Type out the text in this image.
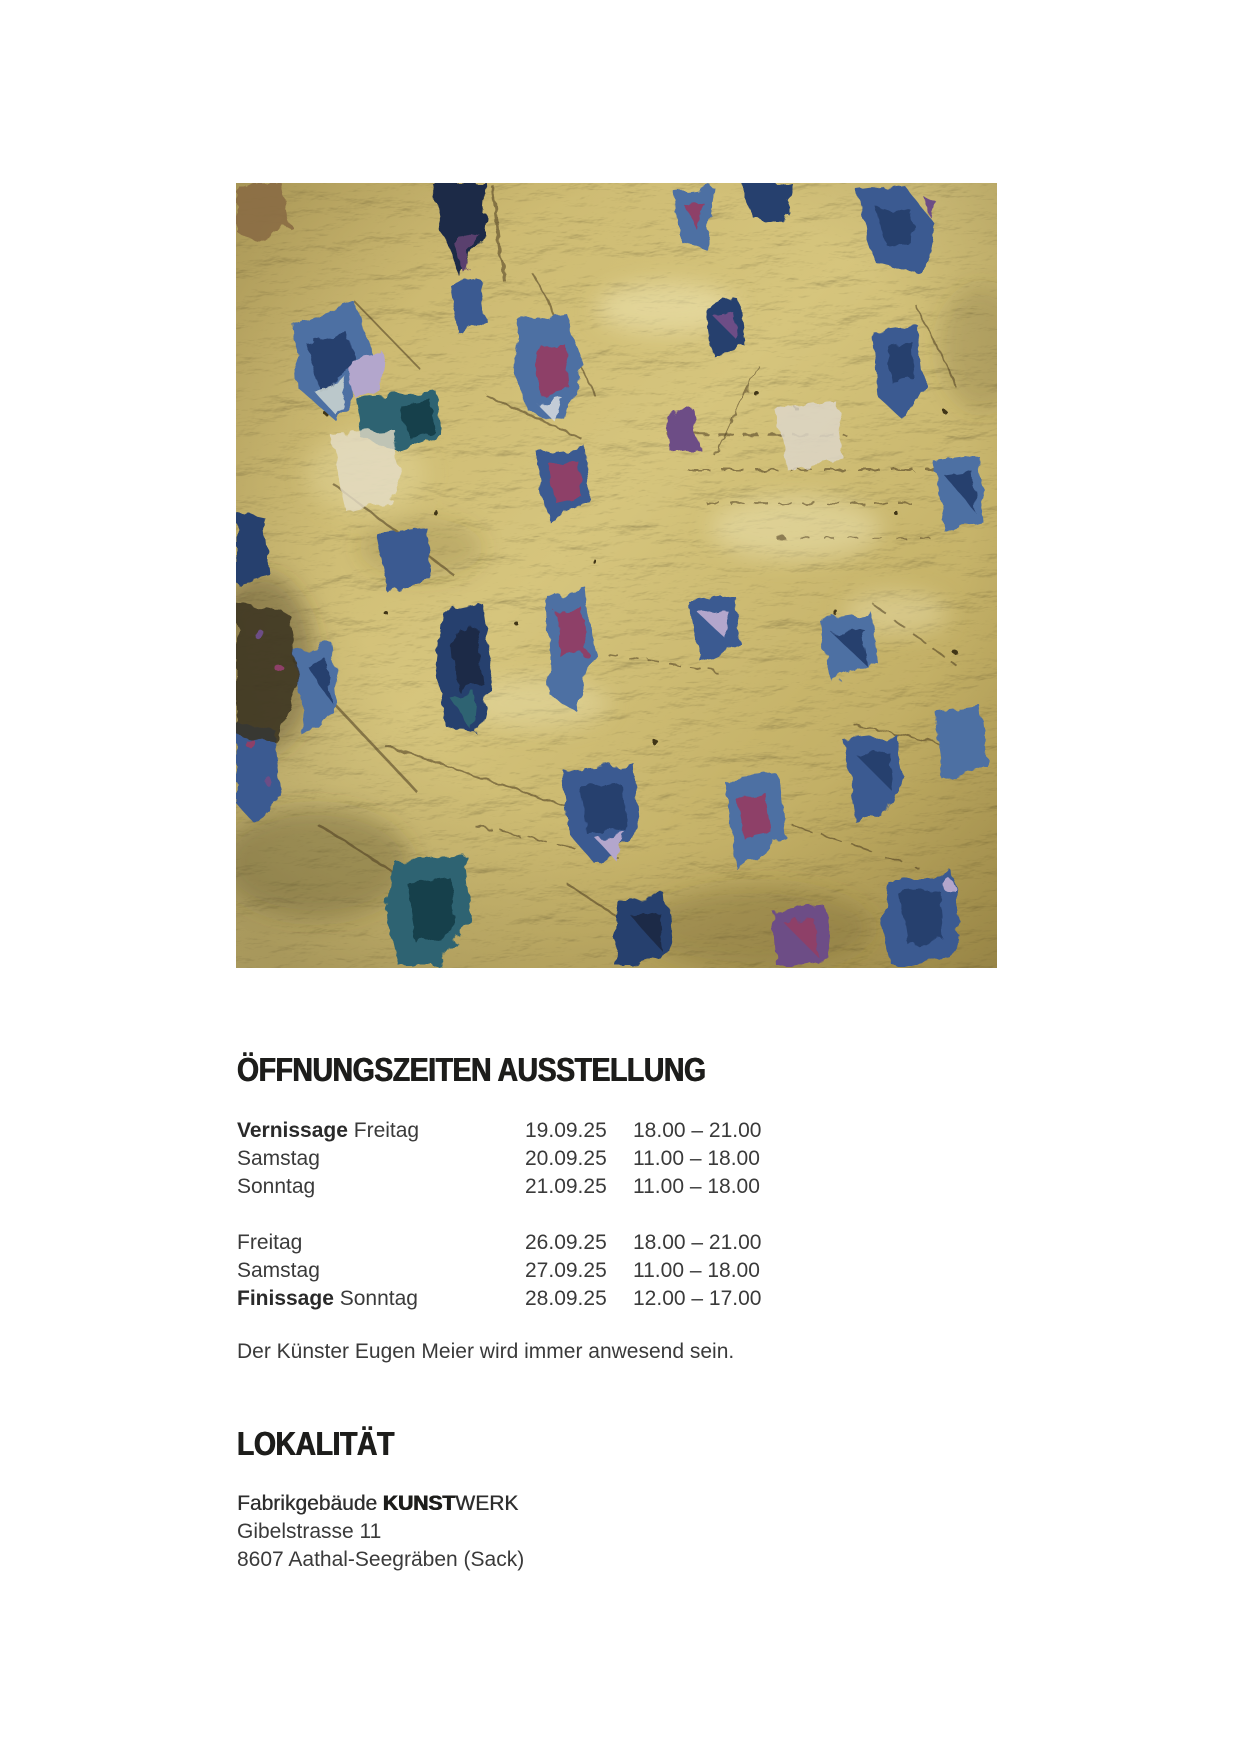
ÖFFNUNGSZEITEN AUSSTELLUNG
Vernissage Freitag	19.09.25	18.00 – 21.00
Samstag	20.09.25	11.00 – 18.00
Sonntag	21.09.25	11.00 – 18.00
Freitag	26.09.25	18.00 – 21.00
Samstag	27.09.25	11.00 – 18.00
Finissage Sonntag	28.09.25	12.00 – 17.00

Der Künster Eugen Meier wird immer anwesend sein.

LOKALITÄT
Fabrikgebäude KUNSTWERK
Gibelstrasse 11
8607 Aathal-Seegräben (Sack)
